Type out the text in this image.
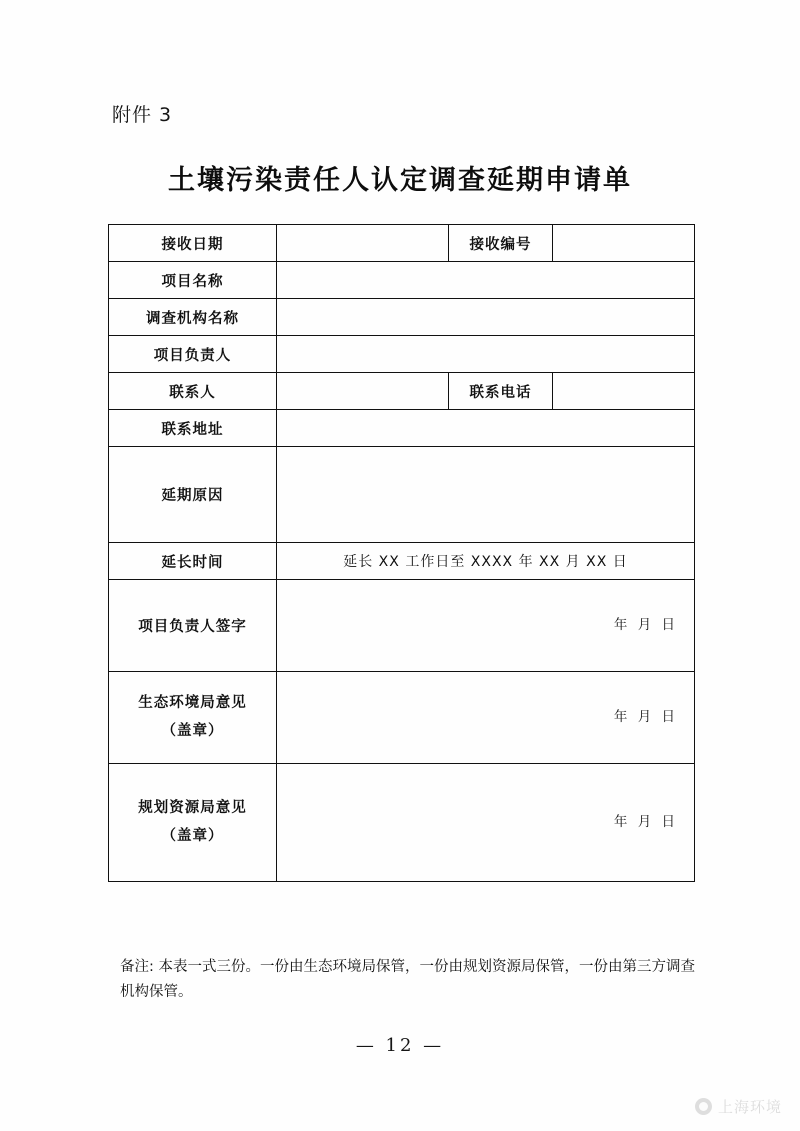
附件 3
土壤污染责任人认定调查延期申请单
接收日期		接收编号	
项目名称			
调查机构名称			
项目负责人			
联系人		联系电话	
联系地址			
延期原因			
延长时间	延长 XX 工作日至 XXXX 年 XX 月 XX 日		

项目负责人签字	年 月 日		

生态环境局意见
（盖章）	年 月 日		

规划资源局意见
（盖章）	年 月 日		
备注: 本表一式三份。一份由生态环境局保管，一份由规划资源局保管，一份由第三方调查机构保管。
— 12 —
上海环境
